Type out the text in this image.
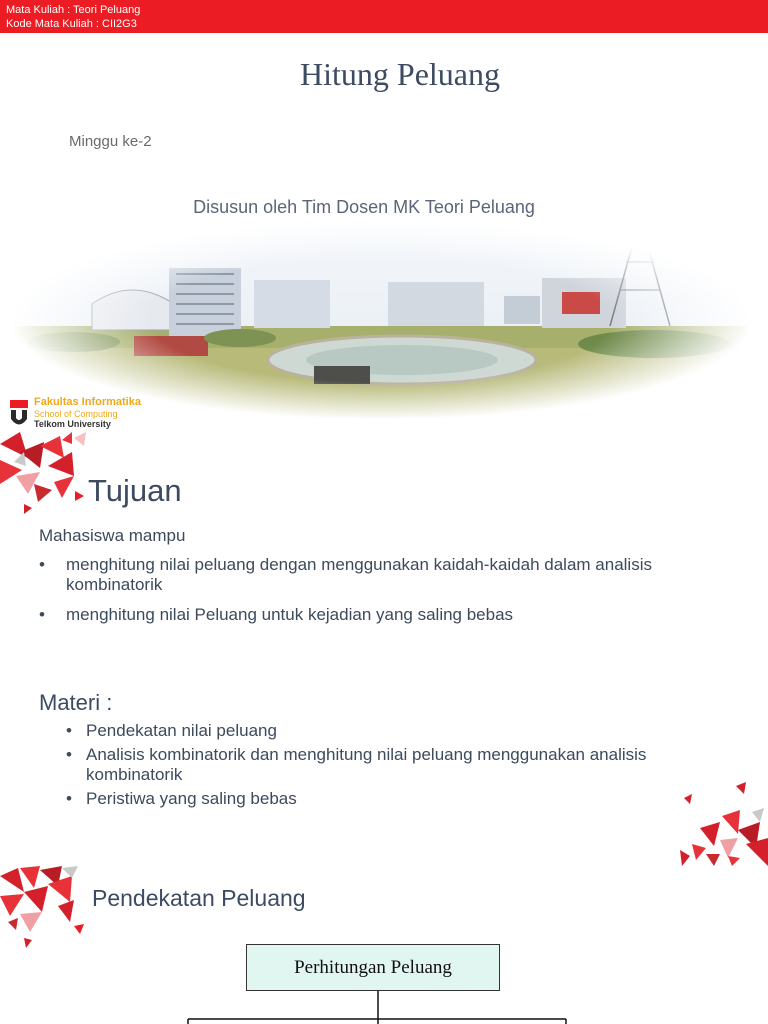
Mata Kuliah : Teori Peluang
Kode Mata Kuliah : CII2G3
Hitung Peluang
Minggu ke-2
Disusun oleh Tim Dosen MK Teori Peluang
Fakultas Informatika
School of Computing
Telkom University
Tujuan
Mahasiswa mampu
• menghitung nilai peluang dengan menggunakan kaidah-kaidah dalam analisis kombinatorik
• menghitung nilai Peluang untuk kejadian yang saling bebas
Materi :
• Pendekatan nilai peluang
• Analisis kombinatorik dan menghitung nilai peluang menggunakan analisis kombinatorik
• Peristiwa yang saling bebas
Pendekatan Peluang
Perhitungan Peluang
